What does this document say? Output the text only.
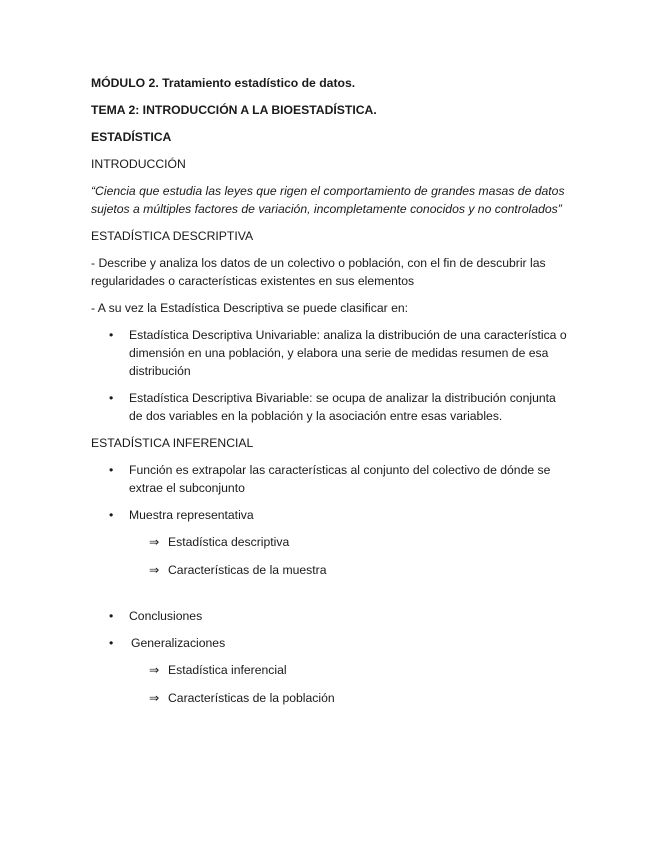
MÓDULO 2. Tratamiento estadístico de datos.

TEMA 2: INTRODUCCIÓN A LA BIOESTADÍSTICA.

ESTADÍSTICA

INTRODUCCIÓN

“Ciencia que estudia las leyes que rigen el comportamiento de grandes masas de datos sujetos a múltiples factores de variación, incompletamente conocidos y no controlados”

ESTADÍSTICA DESCRIPTIVA

- Describe y analiza los datos de un colectivo o población, con el fin de descubrir las regularidades o características existentes en sus elementos

- A su vez la Estadística Descriptiva se puede clasificar en:

• Estadística Descriptiva Univariable: analiza la distribución de una característica o dimensión en una población, y elabora una serie de medidas resumen de esa distribución
• Estadística Descriptiva Bivariable: se ocupa de analizar la distribución conjunta de dos variables en la población y la asociación entre esas variables.

ESTADÍSTICA INFERENCIAL

• Función es extrapolar las características al conjunto del colectivo de dónde se extrae el subconjunto
• Muestra representativa
⇒ Estadística descriptiva
⇒ Características de la muestra
• Conclusiones
• Generalizaciones
⇒ Estadística inferencial
⇒ Características de la población
